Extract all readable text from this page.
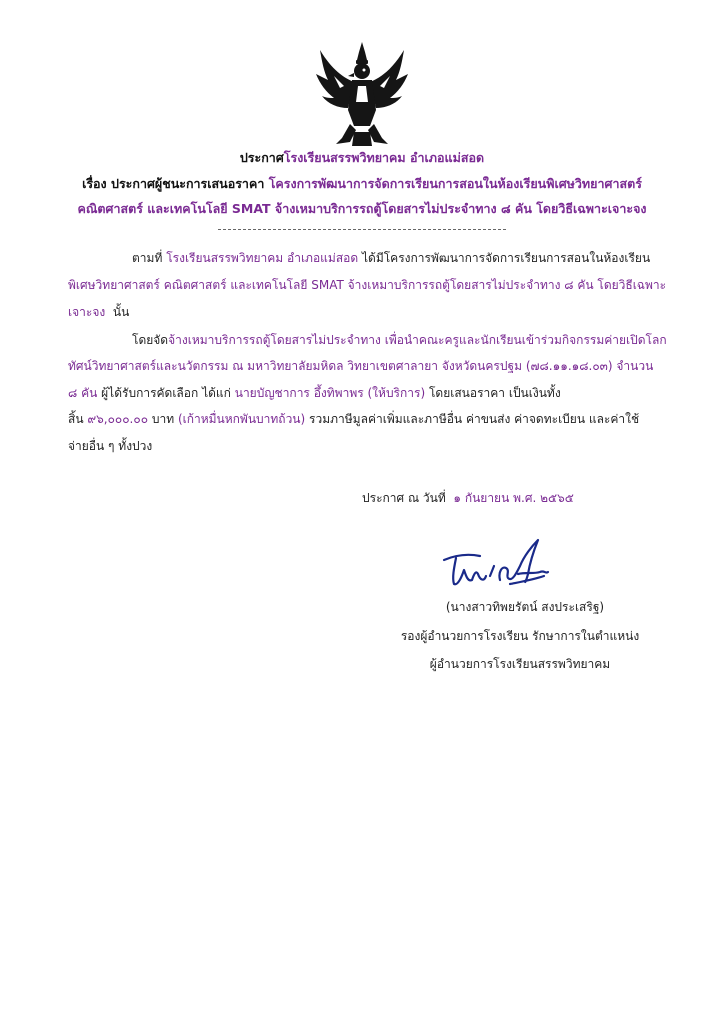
ประกาศโรงเรียนสรรพวิทยาคม อำเภอแม่สอด
เรื่อง ประกาศผู้ชนะการเสนอราคา โครงการพัฒนาการจัดการเรียนการสอนในห้องเรียนพิเศษวิทยาศาสตร์
คณิตศาสตร์ และเทคโนโลยี SMAT จ้างเหมาบริการรถตู้โดยสารไม่ประจำทาง ๘ คัน โดยวิธีเฉพาะเจาะจง
ตามที่ โรงเรียนสรรพวิทยาคม อำเภอแม่สอด ได้มีโครงการพัฒนาการจัดการเรียนการสอนในห้องเรียน
พิเศษวิทยาศาสตร์ คณิตศาสตร์ และเทคโนโลยี SMAT จ้างเหมาบริการรถตู้โดยสารไม่ประจำทาง ๘ คัน โดยวิธีเฉพาะ
เจาะจง นั้น
โดยจัดจ้างเหมาบริการรถตู้โดยสารไม่ประจำทาง เพื่อนำคณะครูและนักเรียนเข้าร่วมกิจกรรมค่ายเปิดโลก
ทัศน์วิทยาศาสตร์และนวัตกรรม ณ มหาวิทยาลัยมหิดล วิทยาเขตศาลายา จังหวัดนครปฐม (๗๘.๑๑.๑๘.๐๓) จำนวน
๘ คัน ผู้ได้รับการคัดเลือก ได้แก่ นายบัญชาการ อึ้งทิพาพร (ให้บริการ) โดยเสนอราคา เป็นเงินทั้ง
สิ้น ๙๖,๐๐๐.๐๐ บาท (เก้าหมื่นหกพันบาทถ้วน) รวมภาษีมูลค่าเพิ่มและภาษีอื่น ค่าขนส่ง ค่าจดทะเบียน และค่าใช้
จ่ายอื่น ๆ ทั้งปวง
ประกาศ ณ วันที่ ๑ กันยายน พ.ศ. ๒๕๖๕
(นางสาวทิพยรัตน์ สงประเสริฐ)
รองผู้อำนวยการโรงเรียน รักษาการในตำแหน่ง
ผู้อำนวยการโรงเรียนสรรพวิทยาคม
